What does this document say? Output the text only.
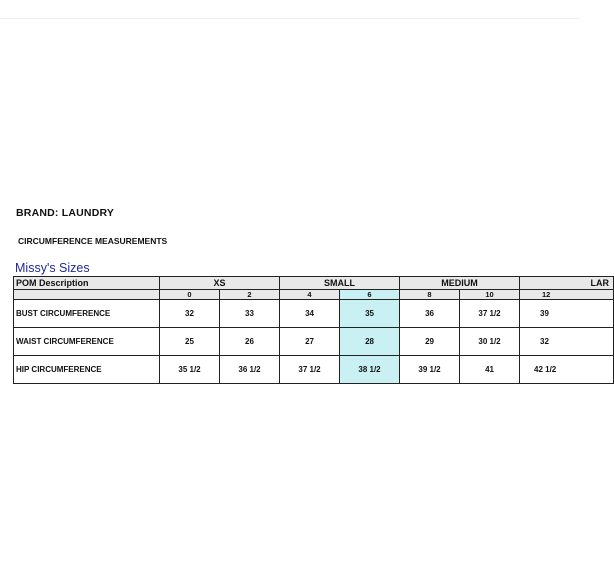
BRAND: LAUNDRY
CIRCUMFERENCE MEASUREMENTS
Missy's Sizes
POM Description	XS		SMALL		MEDIUM		LAR
	0	2	4	6	8	10	12
BUST CIRCUMFERENCE	32	33	34	35	36	37 1/2	39
WAIST CIRCUMFERENCE	25	26	27	28	29	30 1/2	32
HIP CIRCUMFERENCE	35 1/2	36 1/2	37 1/2	38 1/2	39 1/2	41	42 1/2
